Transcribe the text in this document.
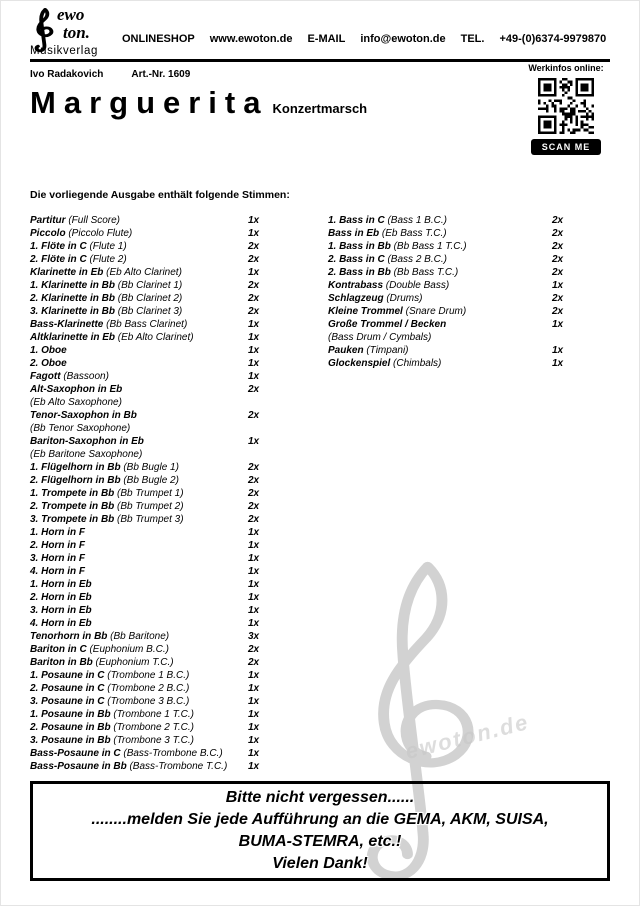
ewoton.de
ewo
ton.
Musikverlag
ONLINESHOP www.ewoton.de E-MAIL info@ewoton.de TEL. +49-(0)6374-9979870
Ivo Radakovich	Art.-Nr. 1609
Marguerita Konzertmarsch
Werkinfos online:
SCAN ME
Die vorliegende Ausgabe enthält folgende Stimmen:
Partitur (Full Score)	1x
Piccolo (Piccolo Flute)	1x
1. Flöte in C (Flute 1)	2x
2. Flöte in C (Flute 2)	2x
Klarinette in Eb (Eb Alto Clarinet)	1x
1. Klarinette in Bb (Bb Clarinet 1)	2x
2. Klarinette in Bb (Bb Clarinet 2)	2x
3. Klarinette in Bb (Bb Clarinet 3)	2x
Bass-Klarinette (Bb Bass Clarinet)	1x
Altklarinette in Eb (Eb Alto Clarinet)	1x
1. Oboe	1x
2. Oboe	1x
Fagott (Bassoon)	1x
Alt-Saxophon in Eb
(Eb Alto Saxophone)
2x
Tenor-Saxophon in Bb
(Bb Tenor Saxophone)
2x
Bariton-Saxophon in Eb
(Eb Baritone Saxophone)
1x
1. Flügelhorn in Bb (Bb Bugle 1)	2x
2. Flügelhorn in Bb (Bb Bugle 2)	2x
1. Trompete in Bb (Bb Trumpet 1)	2x
2. Trompete in Bb (Bb Trumpet 2)	2x
3. Trompete in Bb (Bb Trumpet 3)	2x
1. Horn in F	1x
2. Horn in F	1x
3. Horn in F	1x
4. Horn in F	1x
1. Horn in Eb	1x
2. Horn in Eb	1x
3. Horn in Eb	1x
4. Horn in Eb	1x
Tenorhorn in Bb (Bb Baritone)	3x
Bariton in C (Euphonium B.C.)	2x
Bariton in Bb (Euphonium T.C.)	2x
1. Posaune in C (Trombone 1 B.C.)	1x
2. Posaune in C (Trombone 2 B.C.)	1x
3. Posaune in C (Trombone 3 B.C.)	1x
1. Posaune in Bb (Trombone 1 T.C.)	1x
2. Posaune in Bb (Trombone 2 T.C.)	1x
3. Posaune in Bb (Trombone 3 T.C.)	1x
Bass-Posaune in C (Bass-Trombone B.C.)	1x
Bass-Posaune in Bb (Bass-Trombone T.C.)	1x
1. Bass in C (Bass 1 B.C.)	2x
Bass in Eb (Eb Bass T.C.)	2x
1. Bass in Bb (Bb Bass 1 T.C.)	2x
2. Bass in C (Bass 2 B.C.)	2x
2. Bass in Bb (Bb Bass T.C.)	2x
Kontrabass (Double Bass)	1x
Schlagzeug (Drums)	2x
Kleine Trommel (Snare Drum)	2x
Große Trommel / Becken
(Bass Drum / Cymbals)
1x
Pauken (Timpani)	1x
Glockenspiel (Chimbals)	1x
Bitte nicht vergessen......
........melden Sie jede Aufführung an die GEMA, AKM, SUISA,
BUMA-STEMRA, etc.!
Vielen Dank!
